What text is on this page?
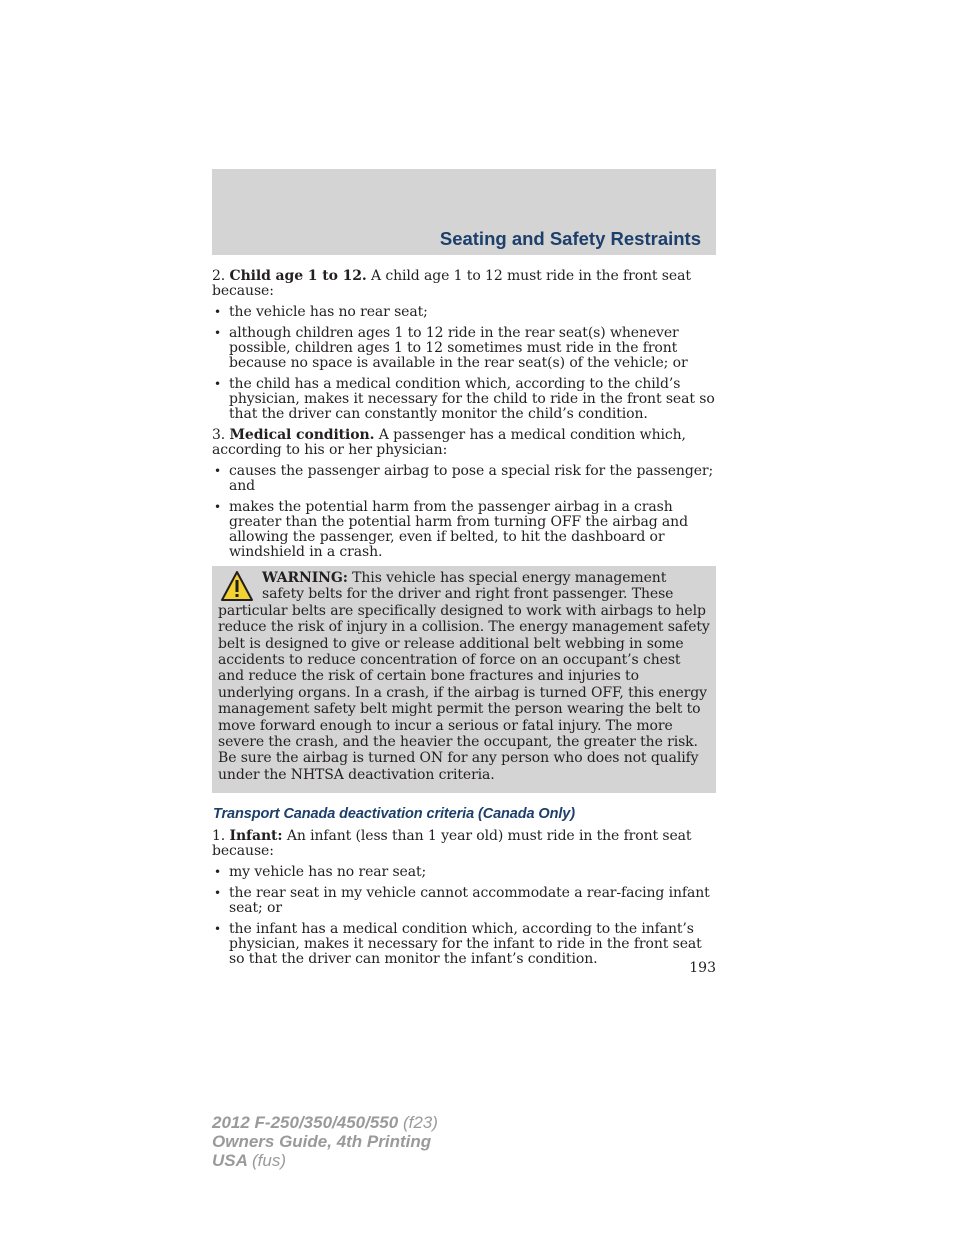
Seating and Safety Restraints

2. Child age 1 to 12. A child age 1 to 12 must ride in the front seat because:

• the vehicle has no rear seat;
• although children ages 1 to 12 ride in the rear seat(s) whenever possible, children ages 1 to 12 sometimes must ride in the front because no space is available in the rear seat(s) of the vehicle; or
• the child has a medical condition which, according to the child’s physician, makes it necessary for the child to ride in the front seat so that the driver can constantly monitor the child’s condition.

3. Medical condition. A passenger has a medical condition which, according to his or her physician:

• causes the passenger airbag to pose a special risk for the passenger; and
• makes the potential harm from the passenger airbag in a crash greater than the potential harm from turning OFF the airbag and allowing the passenger, even if belted, to hit the dashboard or windshield in a crash.
WARNING: This vehicle has special energy management safety belts for the driver and right front passenger. These particular belts are specifically designed to work with airbags to help reduce the risk of injury in a collision. The energy management safety belt is designed to give or release additional belt webbing in some accidents to reduce concentration of force on an occupant’s chest and reduce the risk of certain bone fractures and injuries to underlying organs. In a crash, if the airbag is turned OFF, this energy management safety belt might permit the person wearing the belt to move forward enough to incur a serious or fatal injury. The more severe the crash, and the heavier the occupant, the greater the risk. Be sure the airbag is turned ON for any person who does not qualify under the NHTSA deactivation criteria.
Transport Canada deactivation criteria (Canada Only)

1. Infant: An infant (less than 1 year old) must ride in the front seat because:

• my vehicle has no rear seat;
• the rear seat in my vehicle cannot accommodate a rear-facing infant seat; or
• the infant has a medical condition which, according to the infant’s physician, makes it necessary for the infant to ride in the front seat so that the driver can monitor the infant’s condition.
193
2012 F-250/350/450/550 (f23)
Owners Guide, 4th Printing
USA (fus)
